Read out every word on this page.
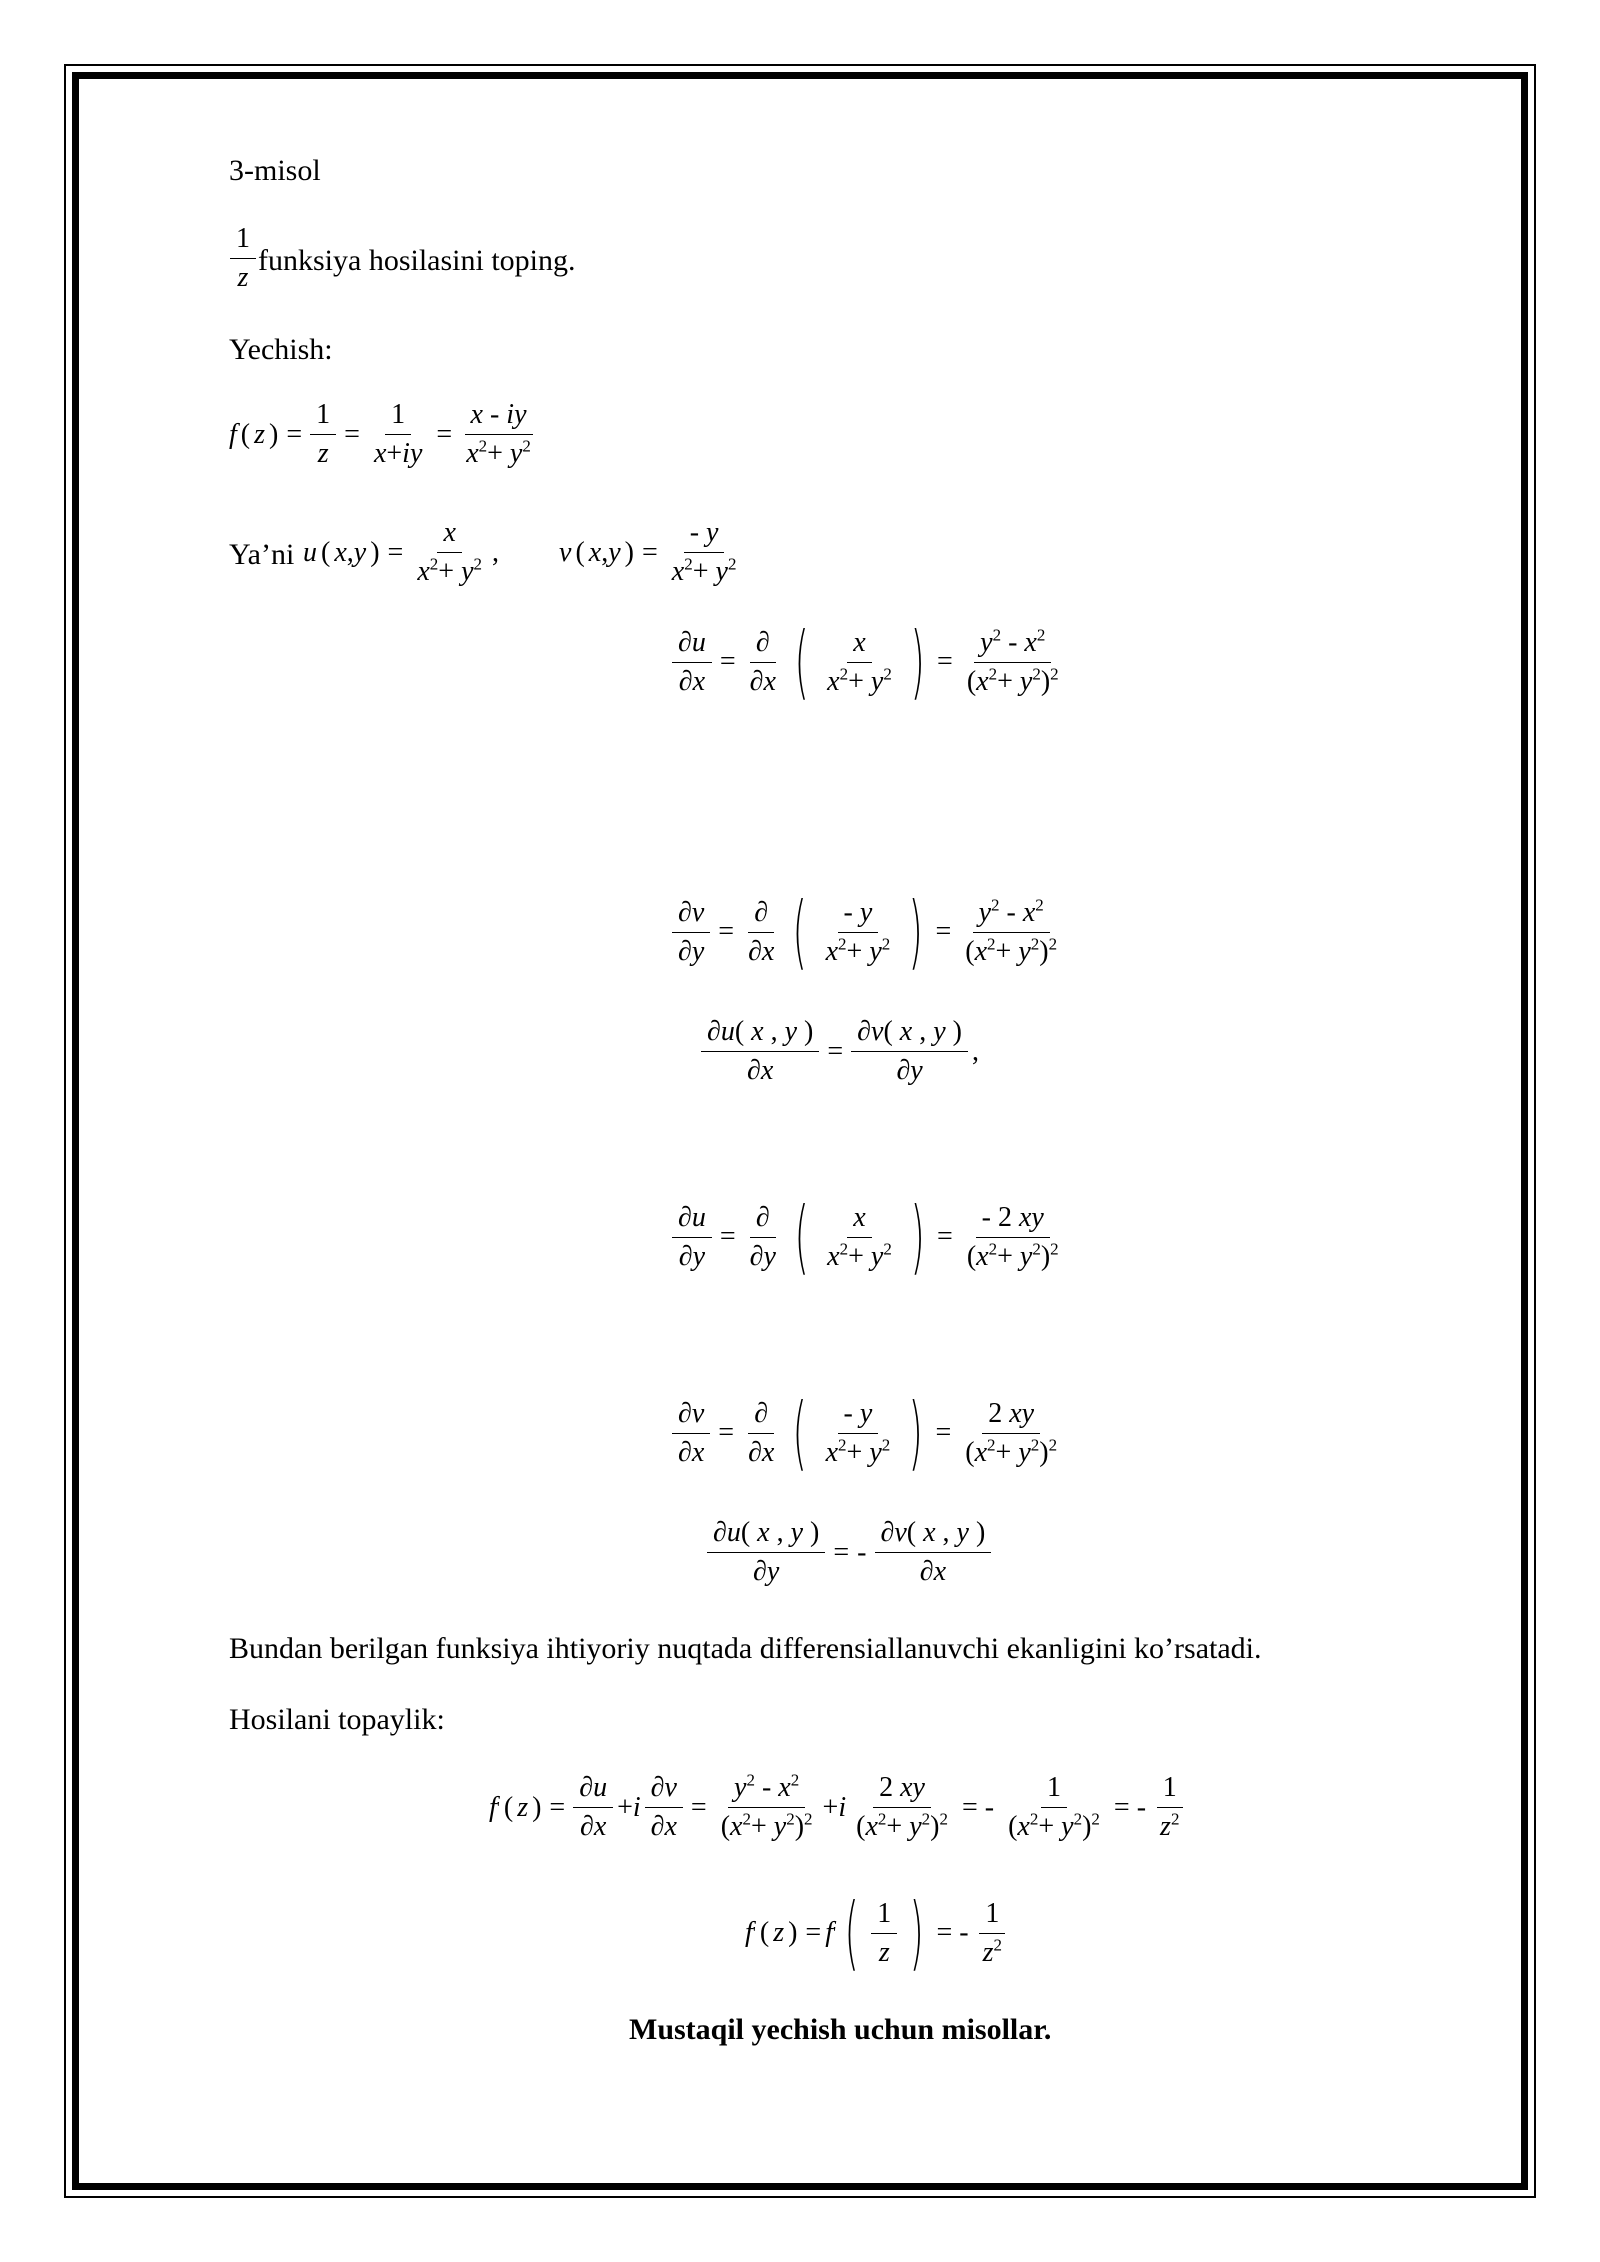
3-misol
$\frac{1}{z}$ funksiya hosilasini toping.
Yechish:
f ( z ) = $\frac{1}{z} = \frac{1}{x+iy} = \frac{x - iy}{x^2+ y^2}$
Ya’ni u ( x , y ) = $\frac{x}{x^2+ y^2}$ , v ( x , y ) = $\frac{- y}{x^2+ y^2}$
$\frac{\partial u}{\partial x} = \frac{\partial}{\partial x}$ ( $\frac{x}{x^2+ y^2}$ ) = $\frac{y^2 - x^2}{(x^2+ y^2)^2}$
$\frac{\partial v}{\partial y} = \frac{\partial}{\partial x}$ ( $\frac{- y}{x^2+ y^2}$ ) = $\frac{y^2 - x^2}{(x^2+ y^2)^2}$
$\frac{\partial u( x , y )}{\partial x} = \frac{\partial v( x , y )}{\partial y}$ ,
$\frac{\partial u}{\partial y} = \frac{\partial}{\partial y}$ ( $\frac{x}{x^2+ y^2}$ ) = $\frac{- 2 xy}{(x^2+ y^2)^2}$
$\frac{\partial v}{\partial x} = \frac{\partial}{\partial x}$ ( $\frac{- y}{x^2+ y^2}$ ) = $\frac{2 xy}{(x^2+ y^2)^2}$
$\frac{\partial u( x , y )}{\partial y}$ = - $\frac{\partial v( x , y )}{\partial x}$
Bundan berilgan funksiya ihtiyoriy nuqtada differensiallanuvchi ekanligini ko’rsatadi.
Hosilani topaylik:
f ' ( z ) = $\frac{\partial u}{\partial x} + i \frac{\partial v}{\partial x} = \frac{y^2 - x^2}{(x^2+ y^2)^2} + i \frac{2 xy}{(x^2+ y^2)^2}$ = - $\frac{1}{(x^2+ y^2)^2}$ = - $\frac{1}{z^2}$
f ' ( z ) = f ' ( $\frac{1}{z}$ ) = - $\frac{1}{z^2}$
Mustaqil yechish uchun misollar.
